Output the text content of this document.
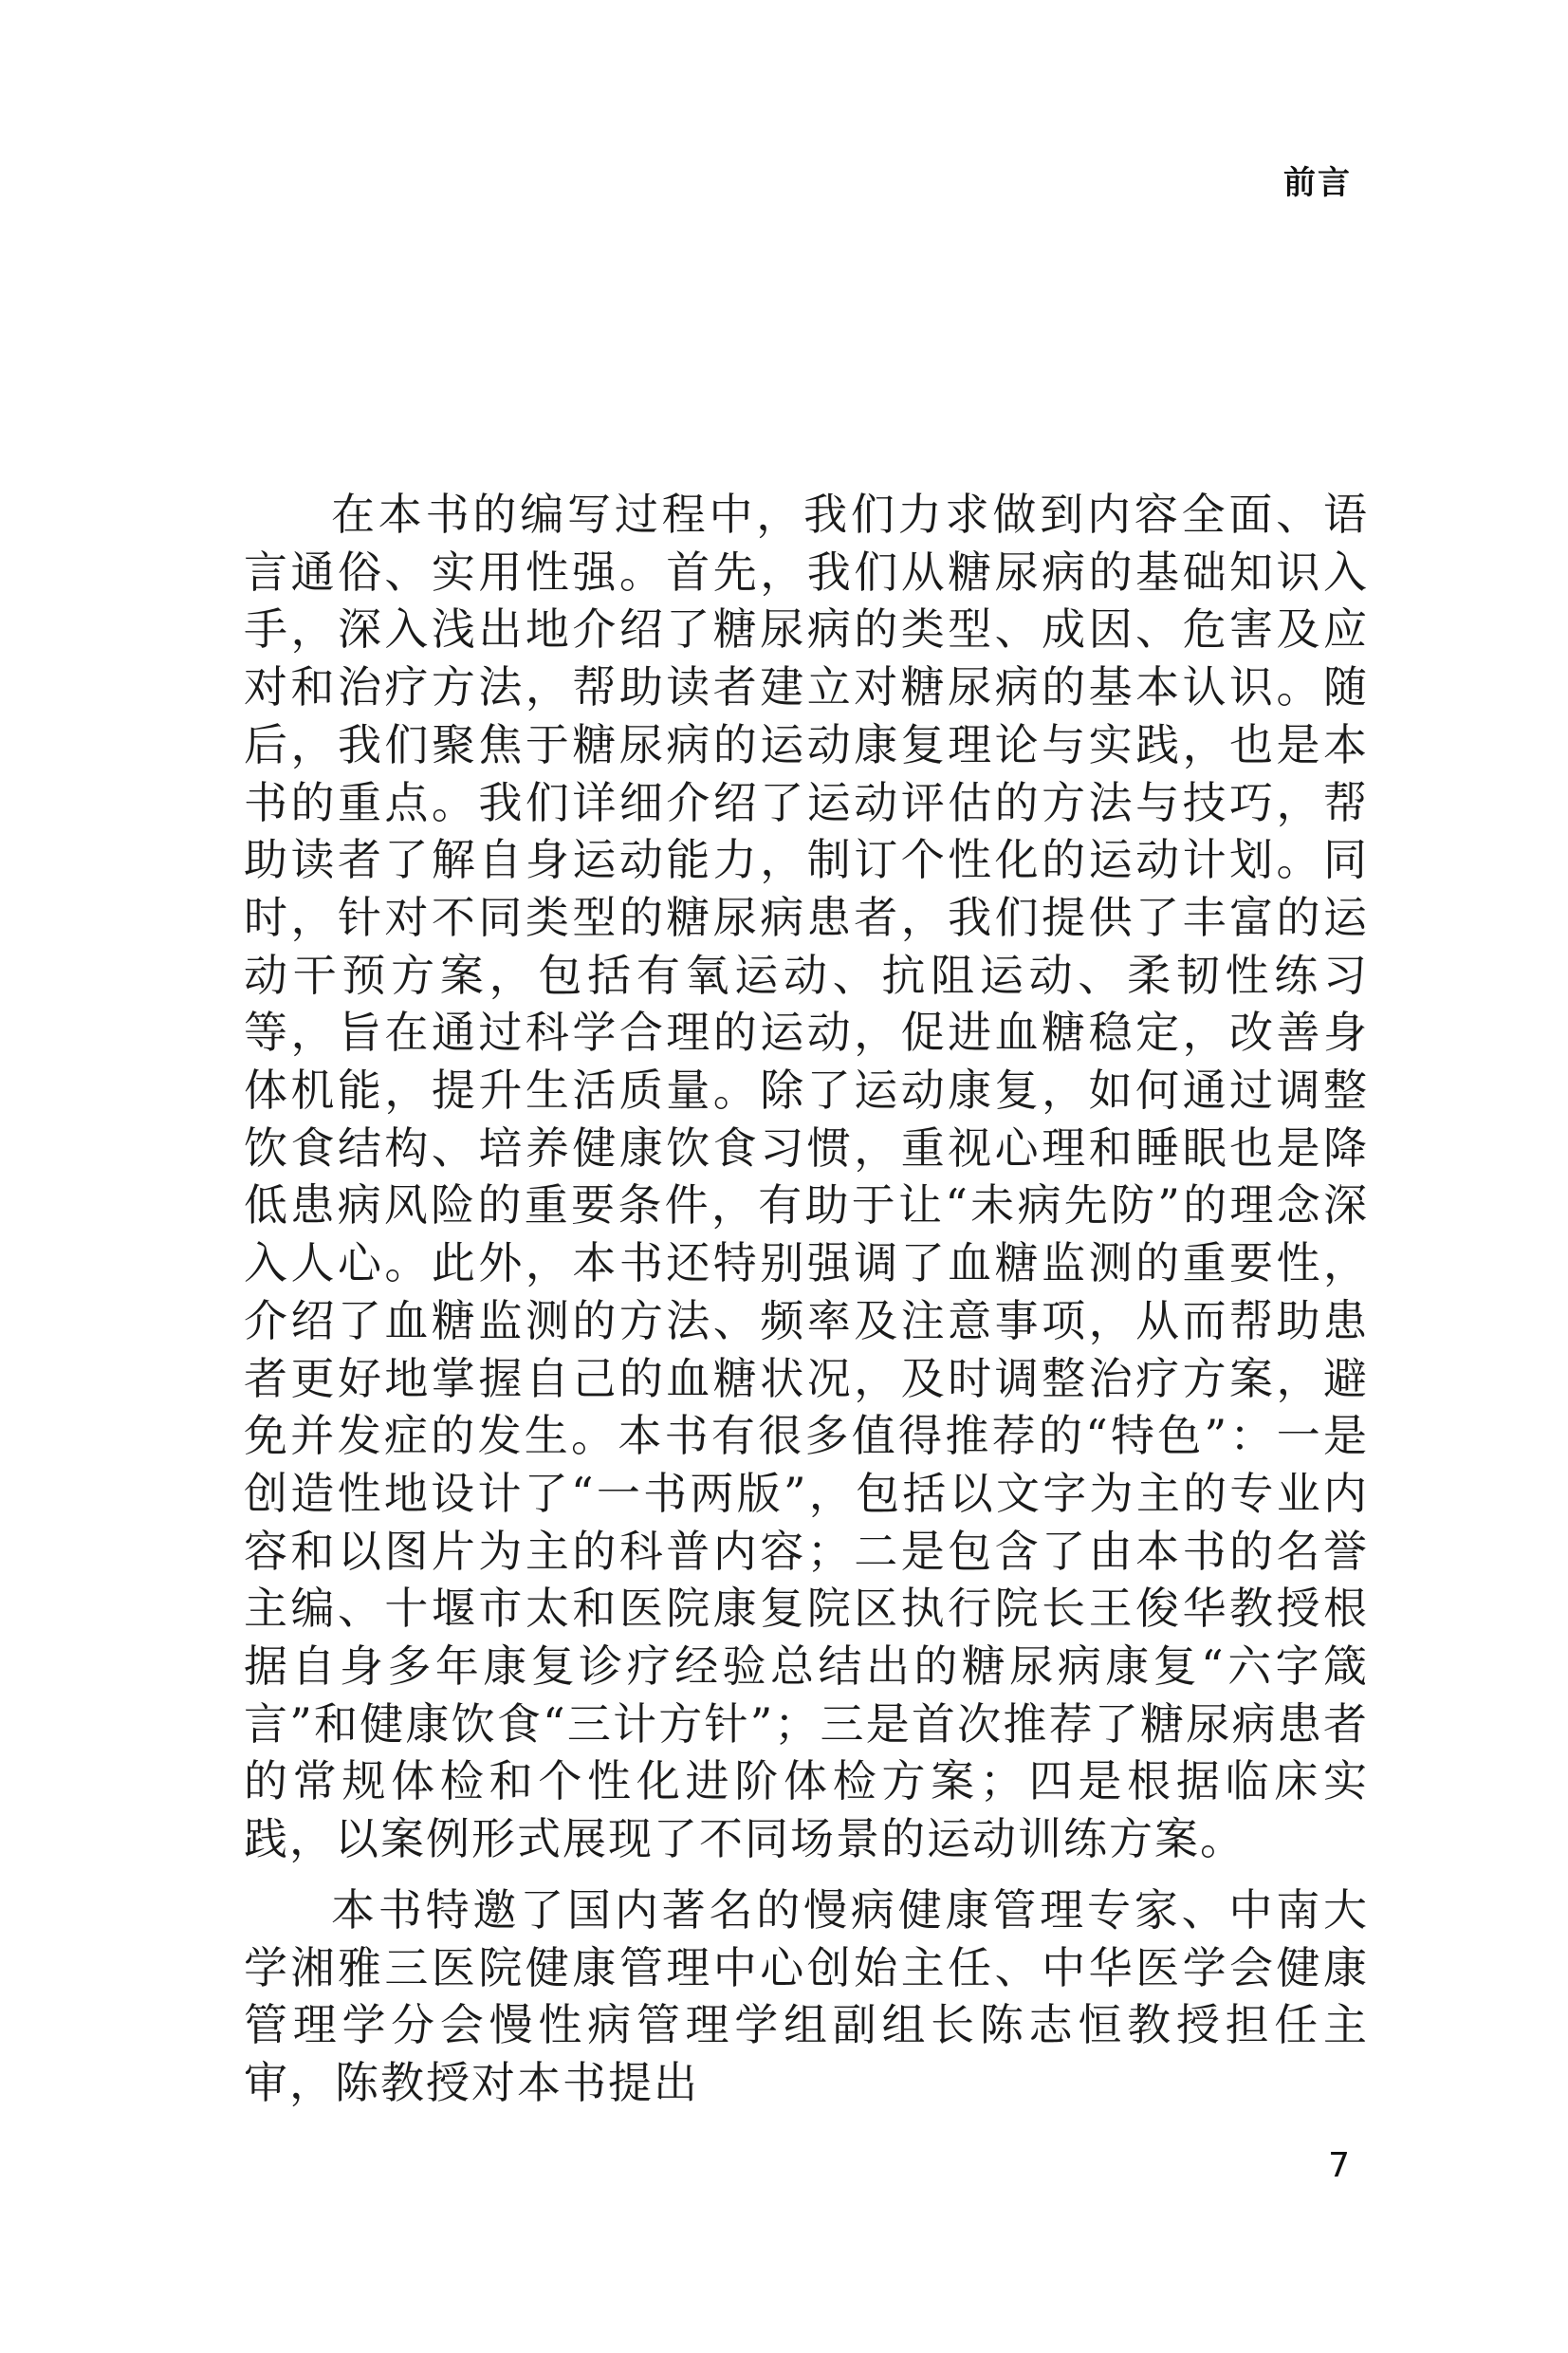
前言

在本书的编写过程中，我们力求做到内容全面、语言通俗、实用性强。首先，我们从糖尿病的基础知识入手，深入浅出地介绍了糖尿病的类型、成因、危害及应对和治疗方法，帮助读者建立对糖尿病的基本认识。随后，我们聚焦于糖尿病的运动康复理论与实践，也是本书的重点。我们详细介绍了运动评估的方法与技巧，帮助读者了解自身运动能力，制订个性化的运动计划。同时，针对不同类型的糖尿病患者，我们提供了丰富的运动干预方案，包括有氧运动、抗阻运动、柔韧性练习等，旨在通过科学合理的运动，促进血糖稳定，改善身体机能，提升生活质量。除了运动康复，如何通过调整饮食结构、培养健康饮食习惯，重视心理和睡眠也是降低患病风险的重要条件，有助于让“未病先防”的理念深入人心。此外，本书还特别强调了血糖监测的重要性，介绍了血糖监测的方法、频率及注意事项，从而帮助患者更好地掌握自己的血糖状况，及时调整治疗方案，避免并发症的发生。本书有很多值得推荐的“特色”：一是创造性地设计了“一书两版”，包括以文字为主的专业内容和以图片为主的科普内容；二是包含了由本书的名誉主编、十堰市太和医院康复院区执行院长王俊华教授根据自身多年康复诊疗经验总结出的糖尿病康复“六字箴言”和健康饮食“三计方针”；三是首次推荐了糖尿病患者的常规体检和个性化进阶体检方案；四是根据临床实践，以案例形式展现了不同场景的运动训练方案。

本书特邀了国内著名的慢病健康管理专家、中南大学湘雅三医院健康管理中心创始主任、中华医学会健康管理学分会慢性病管理学组副组长陈志恒教授担任主审，陈教授对本书提出

7
